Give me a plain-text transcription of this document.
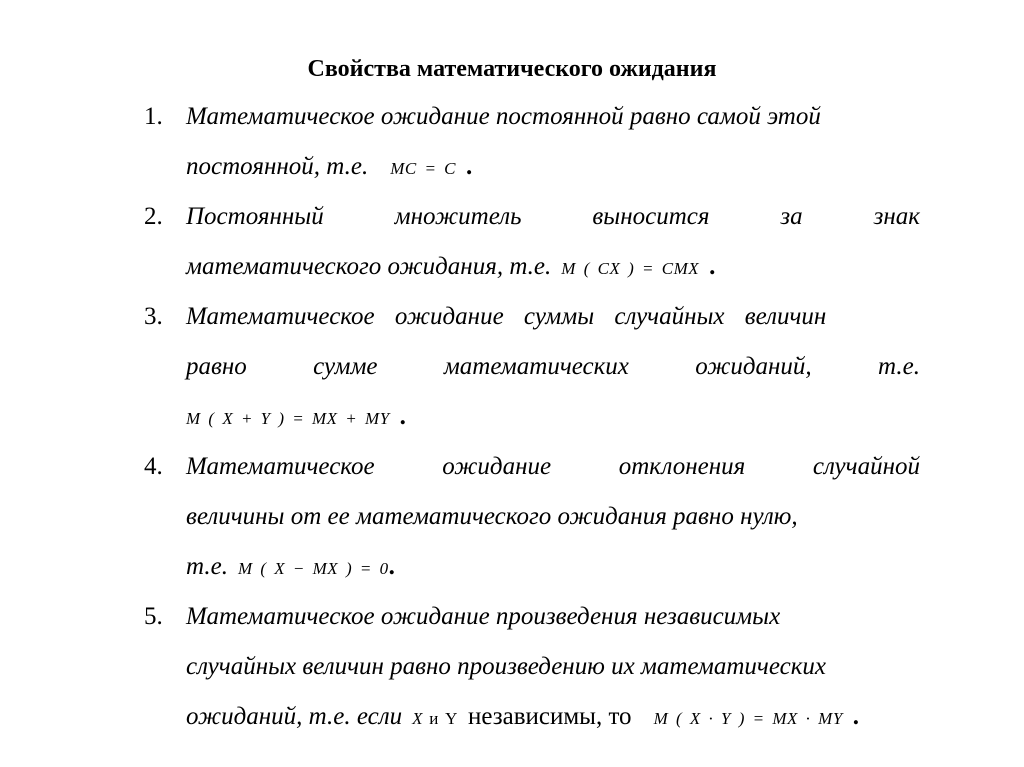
Свойства математического ожидания
1. Математическое ожидание постоянной равно самой этой
постоянной, т.е. MC = C .
2. Постоянный	множитель	выносится	за	знак
математического ожидания, т.е. M ( CX ) = CMX .
3. Математическое ожидание суммы случайных величин
равно	сумме	математических	ожиданий,	т.е.
M ( X + Y ) = MX + MY .
4. Математическое	ожидание	отклонения	случайной
величины от ее математического ожидания равно нулю,
т.е. M ( X − MX ) = 0.
5. Математическое ожидание произведения независимых
случайных величин равно произведению их математических
ожиданий, т.е. если X и Y независимы, то M ( X · Y ) = MX · MY .
